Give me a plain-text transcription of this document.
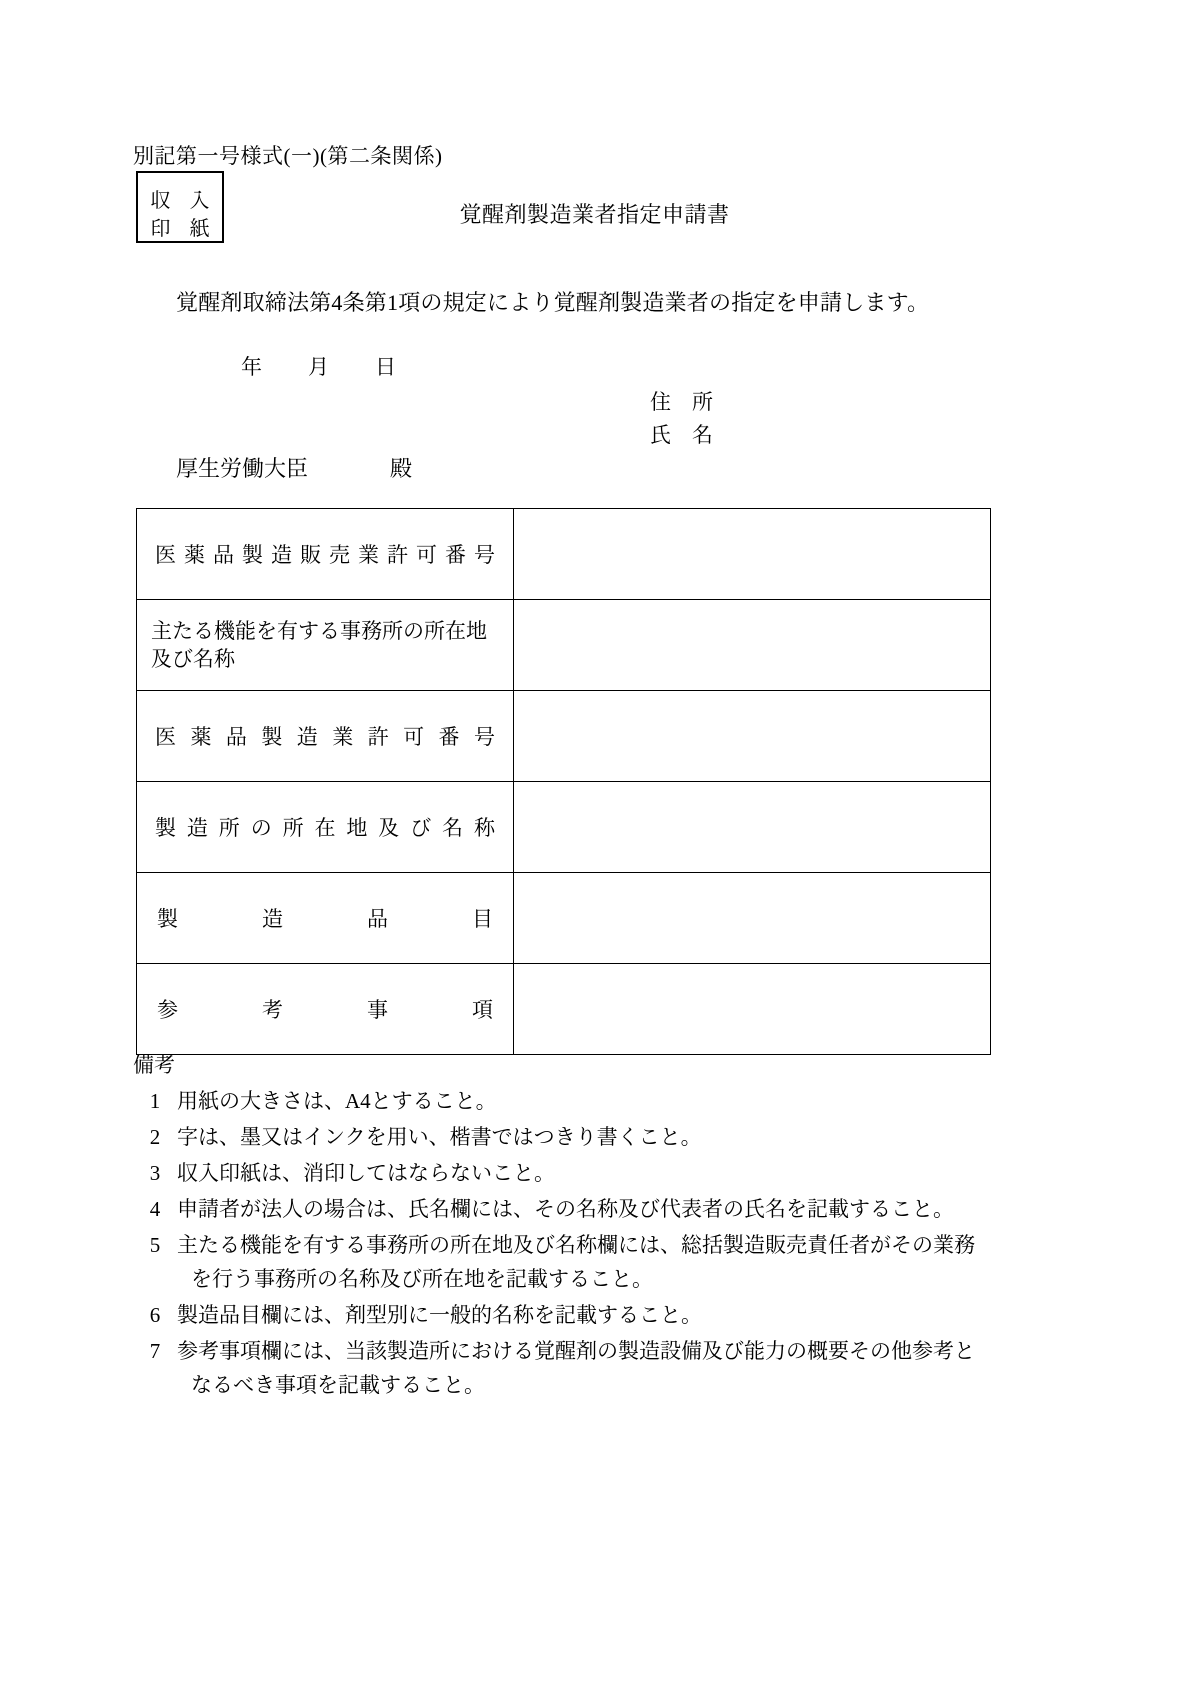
別記第一号様式(一)(第二条関係)
収 入
印 紙
覚醒剤製造業者指定申請書
覚醒剤取締法第4条第1項の規定により覚醒剤製造業者の指定を申請します。
年 月 日
住　所
氏　名
厚生労働大臣	殿
医薬品製造販売業許可番号	

主たる機能を有する事務所の所在地
及び名称	

医薬品製造業許可番号	

製造所の所在地及び名称	

製造品目	

参考事項	

備考
1 用紙の大きさは、A4とすること。
2 字は、墨又はインクを用い、楷書ではつきり書くこと。
3 収入印紙は、消印してはならないこと。
4 申請者が法人の場合は、氏名欄には、その名称及び代表者の氏名を記載すること。
5 主たる機能を有する事務所の所在地及び名称欄には、総括製造販売責任者がその業務
を行う事務所の名称及び所在地を記載すること。
6 製造品目欄には、剤型別に一般的名称を記載すること。
7 参考事項欄には、当該製造所における覚醒剤の製造設備及び能力の概要その他参考と
なるべき事項を記載すること。
